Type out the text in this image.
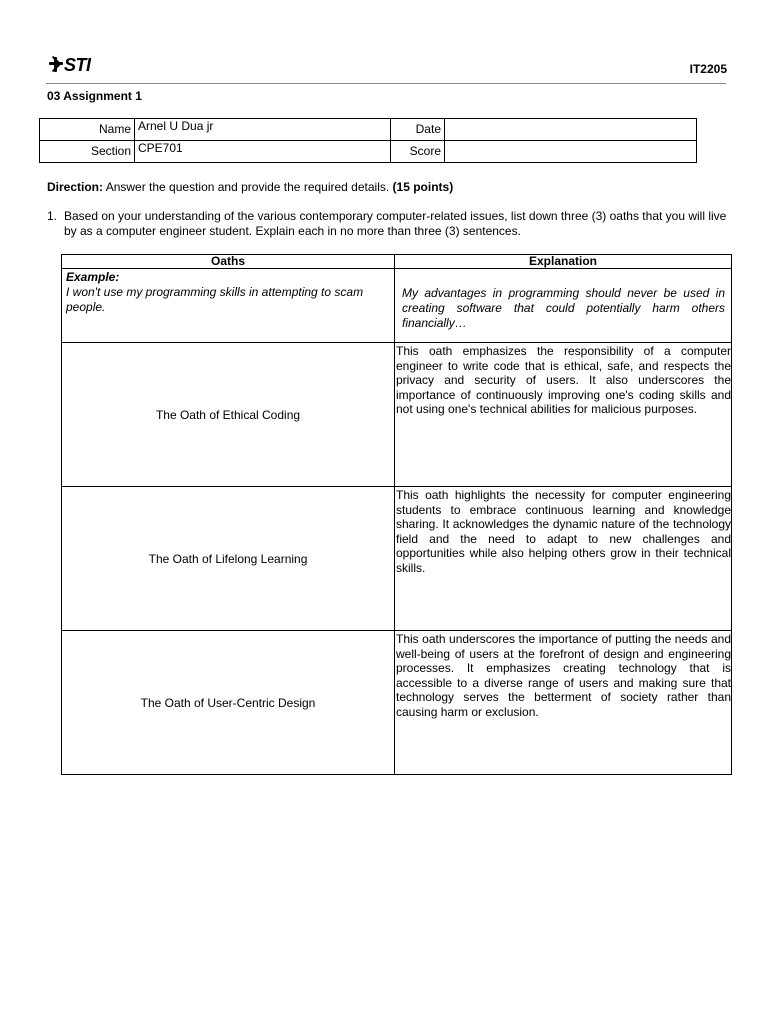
STI	IT2205
03 Assignment 1
Name	Arnel U Dua jr	Date	
Section	CPE701	Score	
Direction: Answer the question and provide the required details. (15 points)
1. Based on your understanding of the various contemporary computer-related issues, list down three (3) oaths that you will live by as a computer engineer student. Explain each in no more than three (3) sentences.
Oaths	Explanation

Example:
I won't use my programming skills in attempting to scam people.	My advantages in programming should never be used in creating software that could potentially harm others financially…

The Oath of Ethical Coding	This oath emphasizes the responsibility of a computer engineer to write code that is ethical, safe, and respects the privacy and security of users. It also underscores the importance of continuously improving one's coding skills and not using one's technical abilities for malicious purposes.
The Oath of Lifelong Learning	This oath highlights the necessity for computer engineering students to embrace continuous learning and knowledge sharing. It acknowledges the dynamic nature of the technology field and the need to adapt to new challenges and opportunities while also helping others grow in their technical skills.
The Oath of User-Centric Design	This oath underscores the importance of putting the needs and well-being of users at the forefront of design and engineering processes. It emphasizes creating technology that is accessible to a diverse range of users and making sure that technology serves the betterment of society rather than causing harm or exclusion.
